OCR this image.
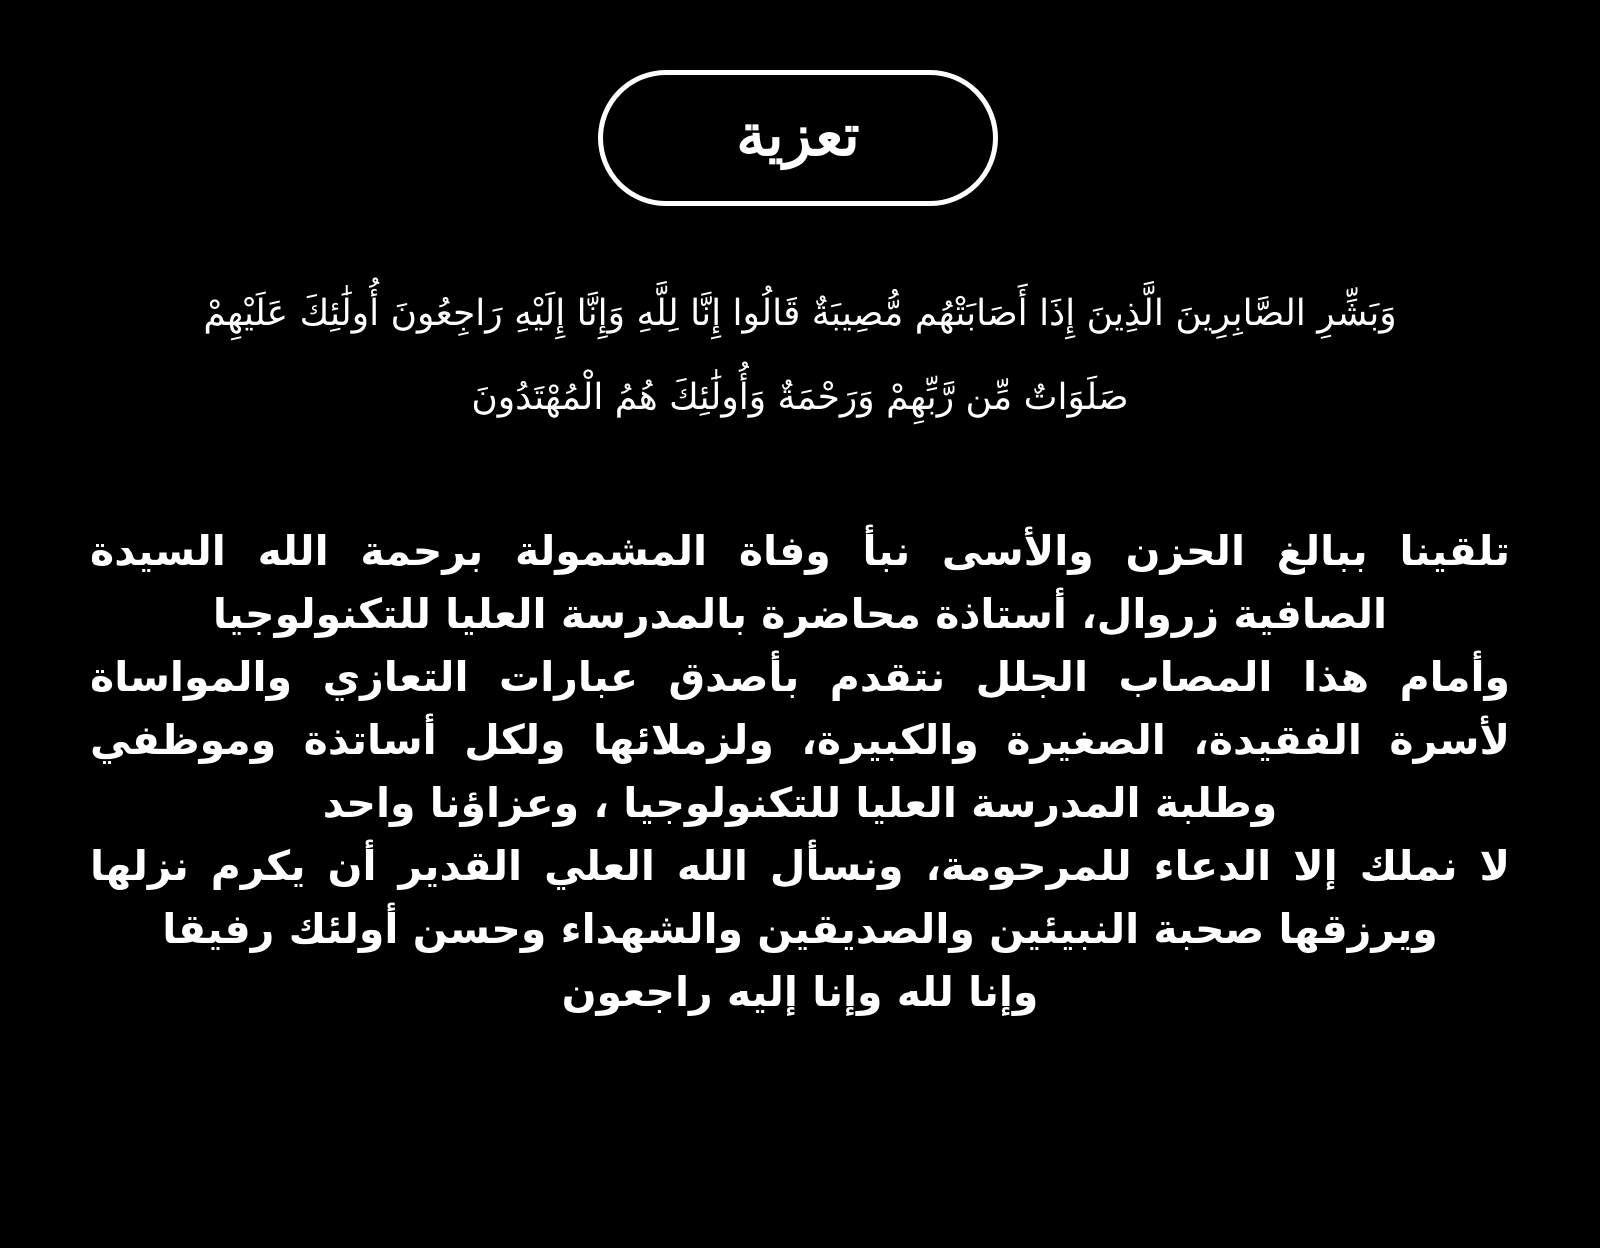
تعزية
وَبَشِّرِ الصَّابِرِينَ الَّذِينَ إِذَا أَصَابَتْهُم مُّصِيبَةٌ قَالُوا إِنَّا لِلَّهِ وَإِنَّا إِلَيْهِ رَاجِعُونَ أُولَٰئِكَ عَلَيْهِمْ
صَلَوَاتٌ مِّن رَّبِّهِمْ وَرَحْمَةٌ وَأُولَٰئِكَ هُمُ الْمُهْتَدُونَ
تلقينا ببالغ الحزن والأسى نبأ وفاة المشمولة برحمة الله السيدة
الصافية زروال، أستاذة محاضرة بالمدرسة العليا للتكنولوجيا
وأمام هذا المصاب الجلل نتقدم بأصدق عبارات التعازي والمواساة
لأسرة الفقيدة، الصغيرة والكبيرة، ولزملائها ولكل أساتذة وموظفي
وطلبة المدرسة العليا للتكنولوجيا ، وعزاؤنا واحد
لا نملك إلا الدعاء للمرحومة، ونسأل الله العلي القدير أن يكرم نزلها
ويرزقها صحبة النبيئين والصديقين والشهداء وحسن أولئك رفيقا
وإنا لله وإنا إليه راجعون
